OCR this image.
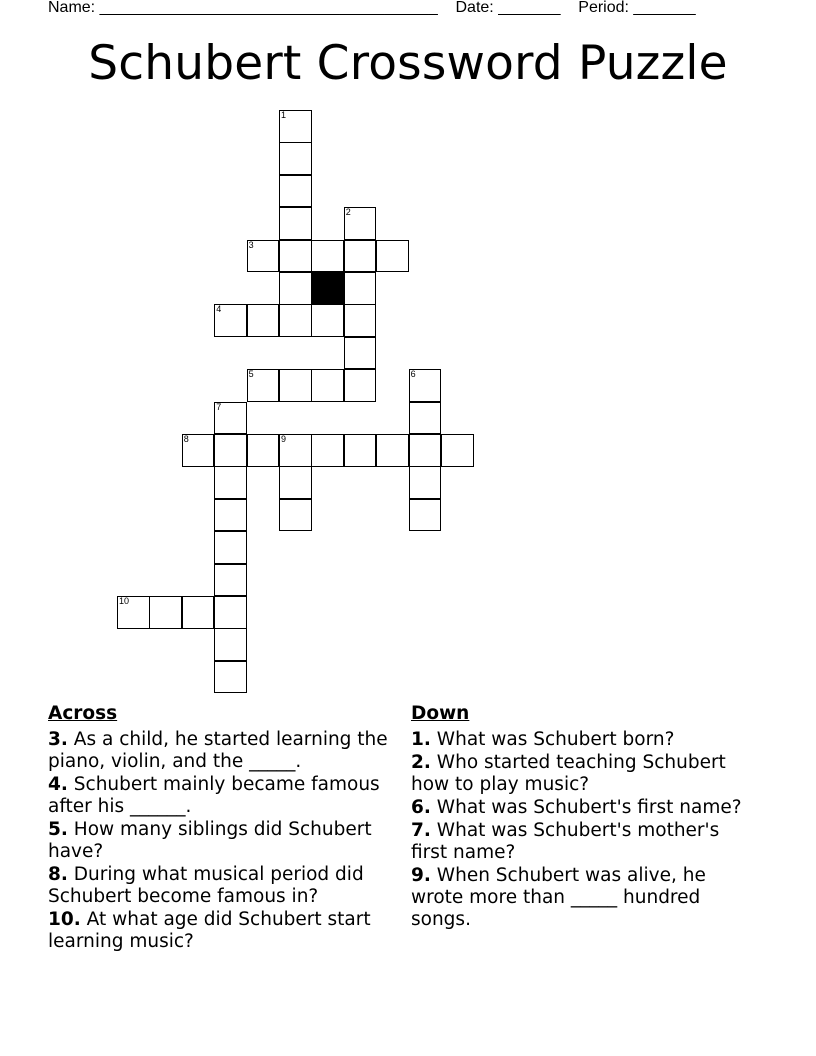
Name: ______________________________________ Date: _______ Period: _______
Schubert Crossword Puzzle
1
2
3
4
5	6
7
8	9
10
Across
3. As a child, he started learning the piano, violin, and the _____.
4. Schubert mainly became famous after his ______.
5. How many siblings did Schubert have?
8. During what musical period did Schubert become famous in?
10. At what age did Schubert start learning music?
Down
1. What was Schubert born?
2. Who started teaching Schubert how to play music?
6. What was Schubert's first name?
7. What was Schubert's mother's first name?
9. When Schubert was alive, he wrote more than _____ hundred songs.
